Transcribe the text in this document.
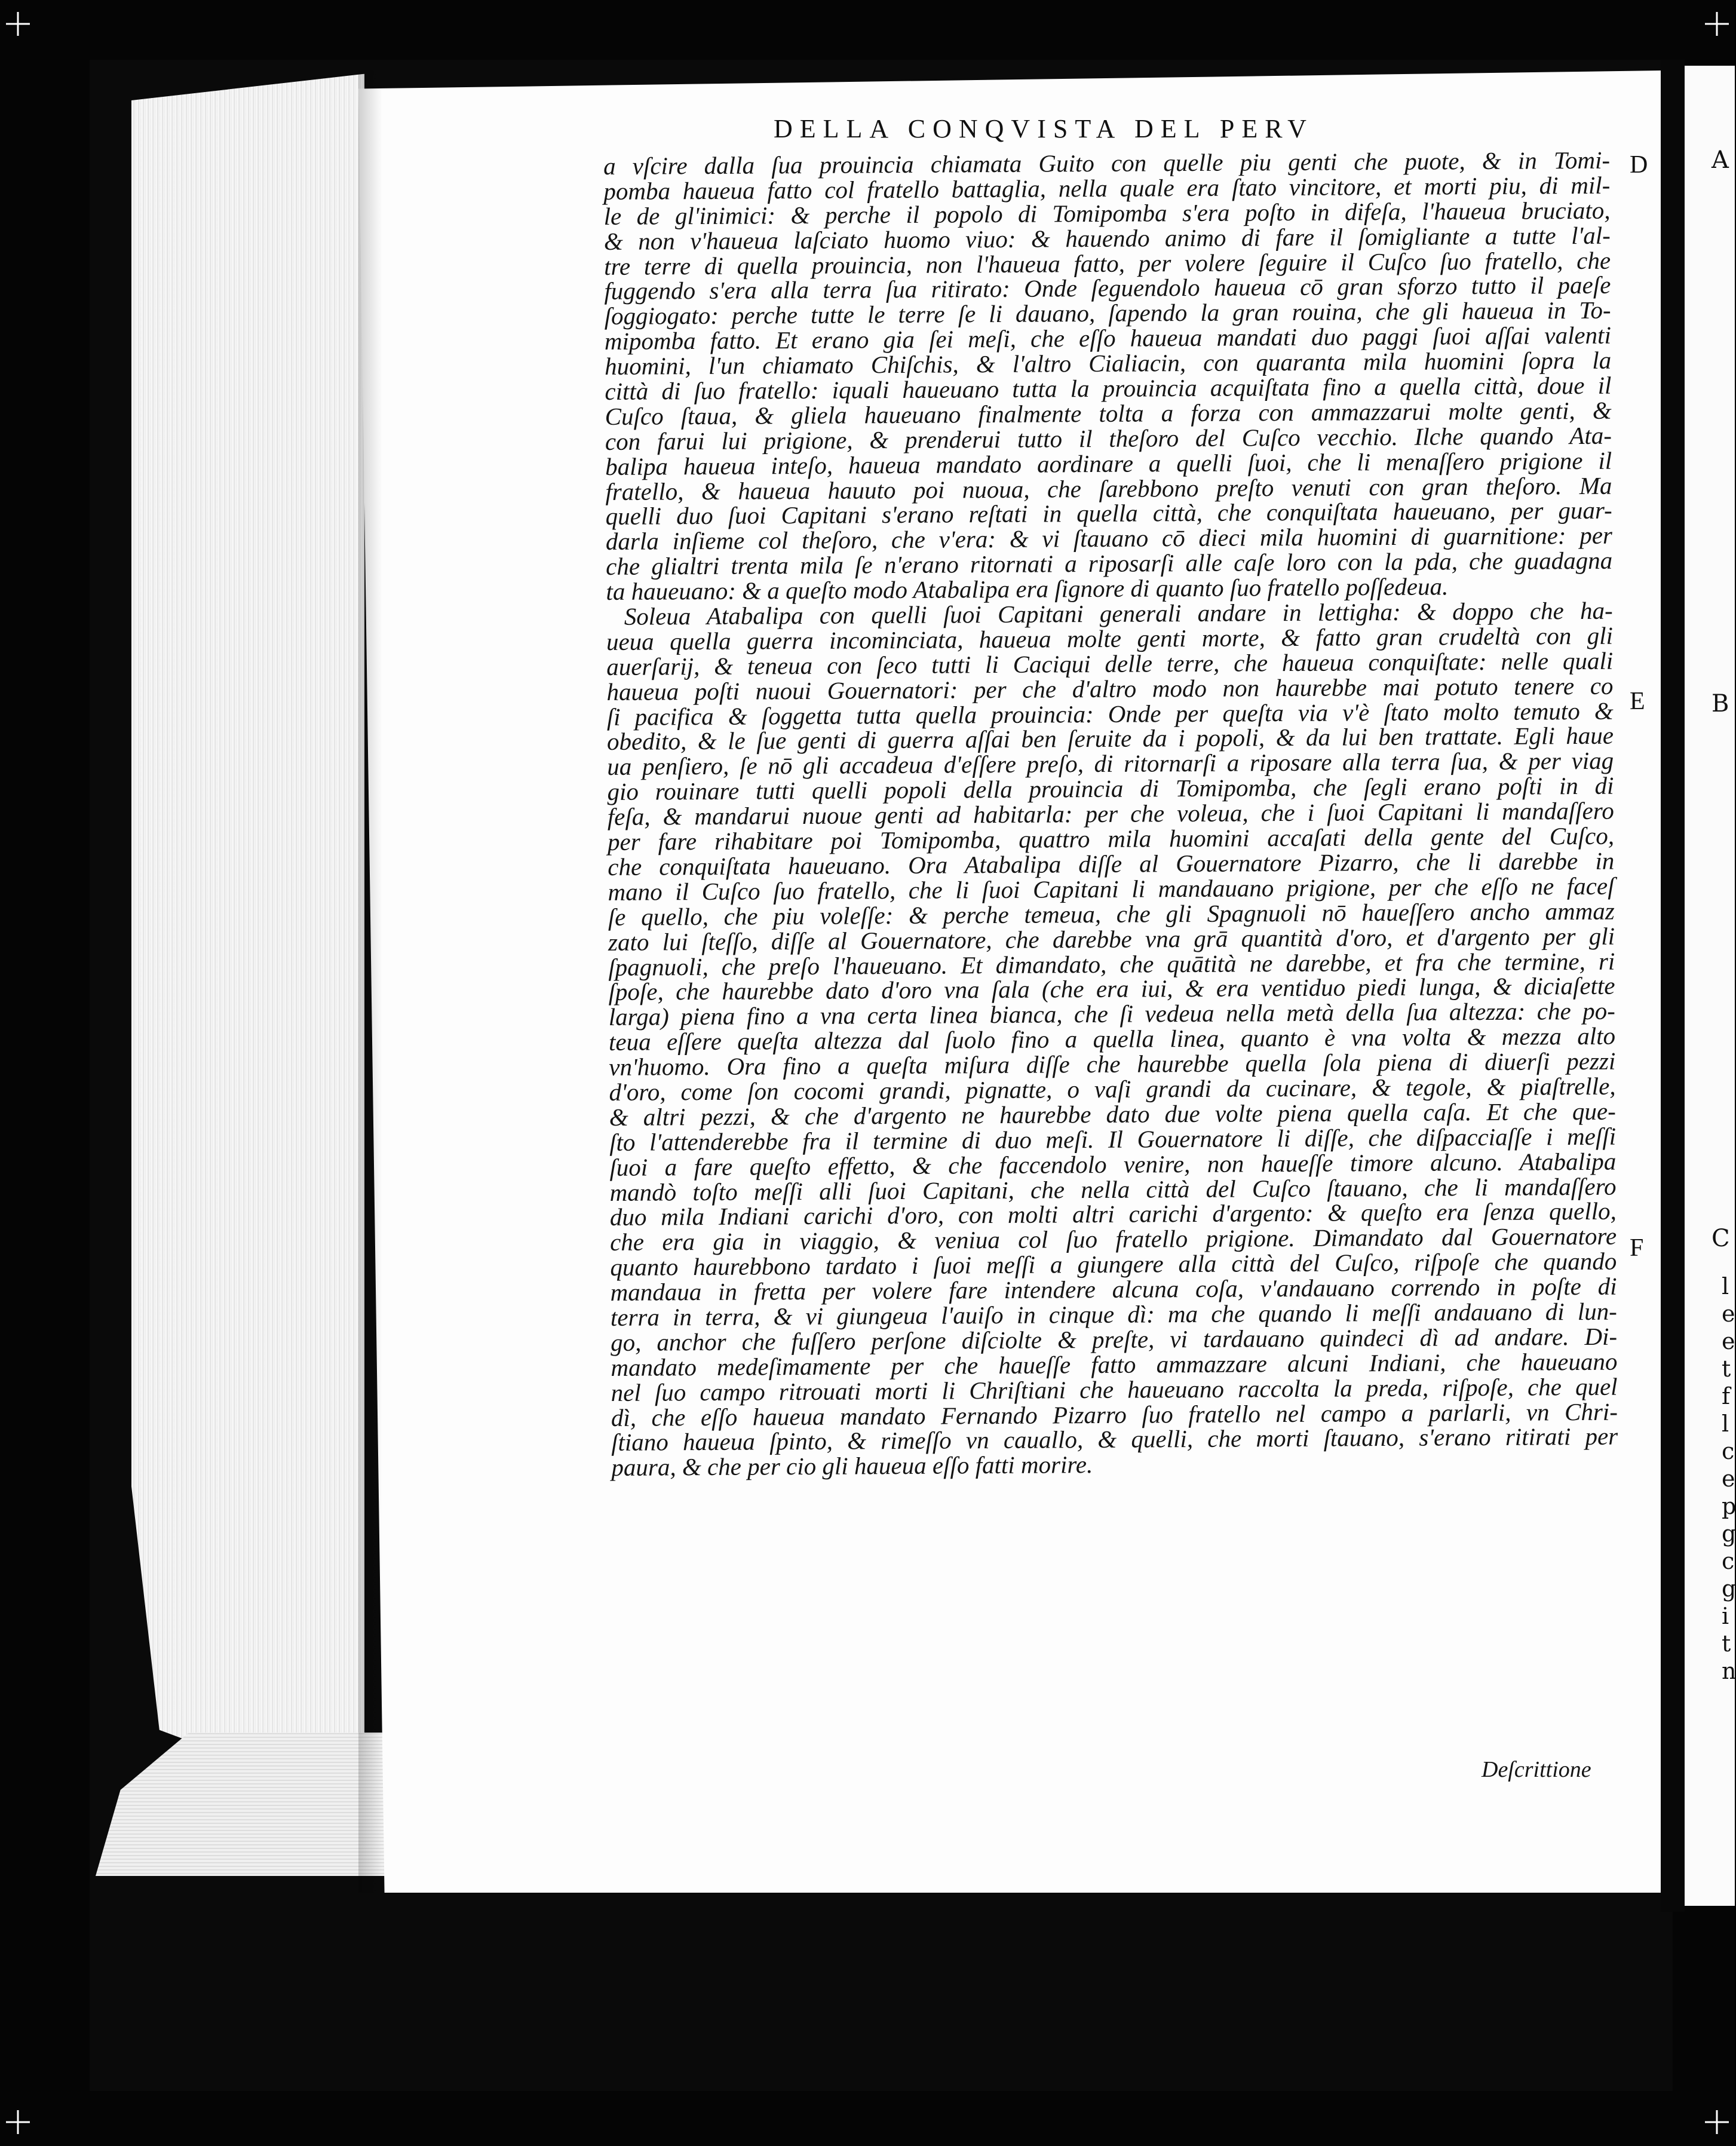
A
B
C
l
e
e
t
f
l
c
e
p
g
c
g
i
t
n
DELLA CONQVISTA DEL PERV
D
E
F
a vſcire dalla ſua prouincia chiamata Guito con quelle piu genti che puote, & in Tomi-
pomba haueua fatto col fratello battaglia, nella quale era ſtato vincitore, et morti piu, di mil-
le de gl'inimici: & perche il popolo di Tomipomba s'era poſto in difeſa, l'haueua bruciato,
& non v'haueua laſciato huomo viuo: & hauendo animo di fare il ſomigliante a tutte l'al-
tre terre di quella prouincia, non l'haueua fatto, per volere ſeguire il Cuſco ſuo fratello, che
fuggendo s'era alla terra ſua ritirato: Onde ſeguendolo haueua cō gran sforzo tutto il paeſe
ſoggiogato: perche tutte le terre ſe li dauano, ſapendo la gran rouina, che gli haueua in To-
mipomba fatto. Et erano gia ſei meſi, che eſſo haueua mandati duo paggi ſuoi aſſai valenti
huomini, l'un chiamato Chiſchis, & l'altro Cialiacin, con quaranta mila huomini ſopra la
città di ſuo fratello: iquali haueuano tutta la prouincia acquiſtata fino a quella città, doue il
Cuſco ſtaua, & gliela haueuano finalmente tolta a forza con ammazzarui molte genti, &
con farui lui prigione, & prenderui tutto il theſoro del Cuſco vecchio. Ilche quando Ata-
balipa haueua inteſo, haueua mandato aordinare a quelli ſuoi, che li menaſſero prigione il
fratello, & haueua hauuto poi nuoua, che ſarebbono preſto venuti con gran theſoro. Ma
quelli duo ſuoi Capitani s'erano reſtati in quella città, che conquiſtata haueuano, per guar-
darla inſieme col theſoro, che v'era: & vi ſtauano cō dieci mila huomini di guarnitione: per
che glialtri trenta mila ſe n'erano ritornati a riposarſi alle caſe loro con la pda, che guadagna
ta haueuano: & a queſto modo Atabalipa era ſignore di quanto ſuo fratello poſſedeua.
Soleua Atabalipa con quelli ſuoi Capitani generali andare in lettigha: & doppo che ha-
ueua quella guerra incominciata, haueua molte genti morte, & fatto gran crudeltà con gli
auerſarij, & teneua con ſeco tutti li Caciqui delle terre, che haueua conquiſtate: nelle quali
haueua poſti nuoui Gouernatori: per che d'altro modo non haurebbe mai potuto tenere co
ſi pacifica & ſoggetta tutta quella prouincia: Onde per queſta via v'è ſtato molto temuto &
obedito, & le ſue genti di guerra aſſai ben ſeruite da i popoli, & da lui ben trattate. Egli haue
ua penſiero, ſe nō gli accadeua d'eſſere preſo, di ritornarſi a riposare alla terra ſua, & per viag
gio rouinare tutti quelli popoli della prouincia di Tomipomba, che ſegli erano poſti in di
feſa, & mandarui nuoue genti ad habitarla: per che voleua, che i ſuoi Capitani li mandaſſero
per fare rihabitare poi Tomipomba, quattro mila huomini accaſati della gente del Cuſco,
che conquiſtata haueuano. Ora Atabalipa diſſe al Gouernatore Pizarro, che li darebbe in
mano il Cuſco ſuo fratello, che li ſuoi Capitani li mandauano prigione, per che eſſo ne faceſ
ſe quello, che piu voleſſe: & perche temeua, che gli Spagnuoli nō haueſſero ancho ammaz
zato lui ſteſſo, diſſe al Gouernatore, che darebbe vna grā quantità d'oro, et d'argento per gli
ſpagnuoli, che preſo l'haueuano. Et dimandato, che quātità ne darebbe, et fra che termine, ri
ſpoſe, che haurebbe dato d'oro vna ſala (che era iui, & era ventiduo piedi lunga, & diciaſette
larga) piena fino a vna certa linea bianca, che ſi vedeua nella metà della ſua altezza: che po-
teua eſſere queſta altezza dal ſuolo fino a quella linea, quanto è vna volta & mezza alto
vn'huomo. Ora fino a queſta miſura diſſe che haurebbe quella ſola piena di diuerſi pezzi
d'oro, come ſon cocomi grandi, pignatte, o vaſi grandi da cucinare, & tegole, & piaſtrelle,
& altri pezzi, & che d'argento ne haurebbe dato due volte piena quella caſa. Et che que-
ſto l'attenderebbe fra il termine di duo meſi. Il Gouernatore li diſſe, che diſpacciaſſe i meſſi
ſuoi a fare queſto effetto, & che faccendolo venire, non haueſſe timore alcuno. Atabalipa
mandò toſto meſſi alli ſuoi Capitani, che nella città del Cuſco ſtauano, che li mandaſſero
duo mila Indiani carichi d'oro, con molti altri carichi d'argento: & queſto era ſenza quello,
che era gia in viaggio, & veniua col ſuo fratello prigione. Dimandato dal Gouernatore
quanto haurebbono tardato i ſuoi meſſi a giungere alla città del Cuſco, riſpoſe che quando
mandaua in fretta per volere fare intendere alcuna coſa, v'andauano correndo in poſte di
terra in terra, & vi giungeua l'auiſo in cinque dì: ma che quando li meſſi andauano di lun-
go, anchor che fuſſero perſone diſciolte & preſte, vi tardauano quindeci dì ad andare. Di-
mandato medeſimamente per che haueſſe fatto ammazzare alcuni Indiani, che haueuano
nel ſuo campo ritrouati morti li Chriſtiani che haueuano raccolta la preda, riſpoſe, che quel
dì, che eſſo haueua mandato Fernando Pizarro ſuo fratello nel campo a parlarli, vn Chri-
ſtiano haueua ſpinto, & rimeſſo vn cauallo, & quelli, che morti ſtauano, s'erano ritirati per
paura, & che per cio gli haueua eſſo fatti morire.
Deſcrittione
